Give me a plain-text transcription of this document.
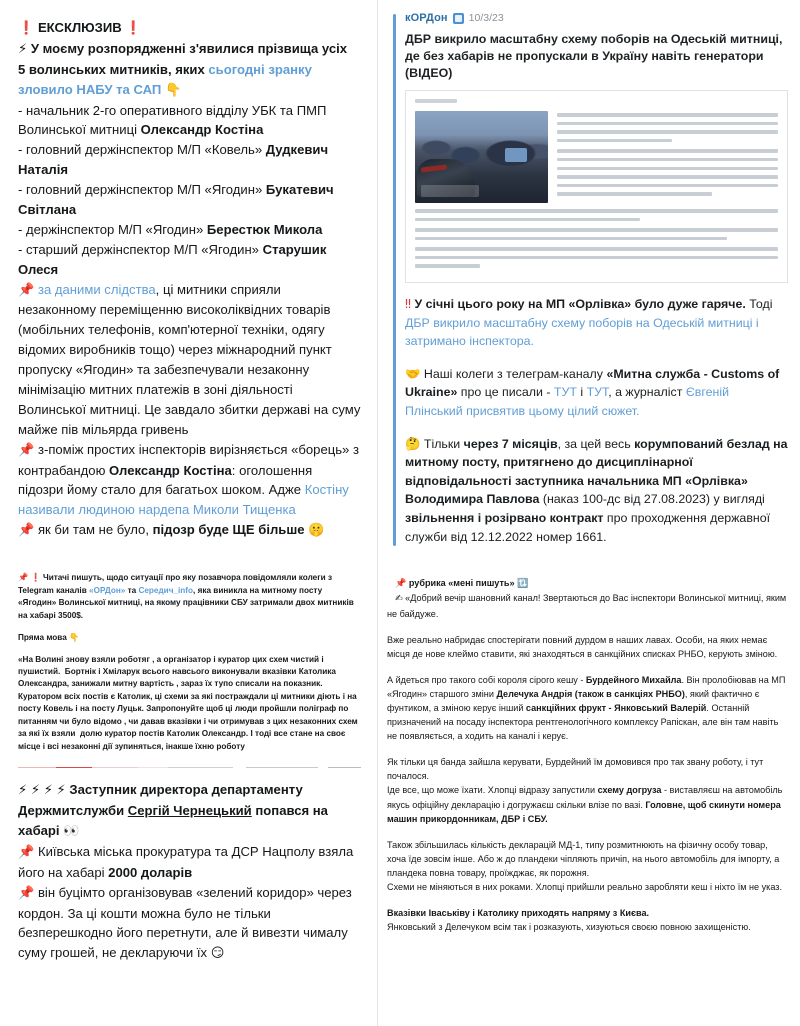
❗ ЕКСКЛЮЗИВ ❗
⚡ У моєму розпорядженні з'явилися прізвища усіх
5 волинських митників, яких сьогодні зранку зловило НАБУ та САП 👇
- начальник 2-го оперативного відділу УБК та ПМП Волинської митниці Олександр Костіна
- головний держінспектор М/П «Ковель» Дудкевич Наталія
- головний держінспектор М/П «Ягодин» Букатевич Світлана
- держінспектор М/П «Ягодин» Берестюк Микола
- старший держінспектор М/П «Ягодин» Старушик Олеся
📌 за даними слідства, ці митники сприяли незаконному переміщенню високоліквідних товарів (мобільних телефонів, комп'ютерної техніки, одягу відомих виробників тощо) через міжнародний пункт пропуску «Ягодин» та забезпечували незаконну мінімізацію митних платежів в зоні діяльності Волинської митниці. Це завдало збитки державі на суму майже пів мільярда гривень
📌 з-поміж простих інспекторів вирізняється «борець» з контрабандою Олександр Костіна: оголошення підозри йому стало для багатьох шоком. Адже Костіну називали людиною нардепа Миколи Тищенка
📌 як би там не було, підозр буде ЩЕ більше 🤫

📌 ❗ Читачі пишуть, щодо ситуації про яку позавчора повідомляли колеги з Telegram каналів «ОРДон» та Середич_info, яка виникла на митному посту «Ягодин» Волинської митниці, на якому працівники СБУ затримали двох митників на хабарі 3500$.

Пряма мова 👇

«На Волині знову взяли роботяг , а організатор і куратор цих схем чистий і пушистий.  Бортнік і Хміларук всього навсього виконували вказівки Католика Олександра, занижали митну вартість , зараз їх тупо списали на показник. Куратором всіх постів є Католик, ці схеми за які постраждали ці митники діють і на посту Ковель і на посту Луцьк. Запропонуйте щоб ці люди пройшли поліграф по питанням чи було відомо , чи давав вказівки і чи отримував з цих незаконних схем за які їх взяли  долю куратор постів Католик Олександр. І тоді все стане на своє місце і всі незаконні дії зупиняться, інакше їхню роботу

⚡ ⚡ ⚡ ⚡ Заступник директора департаменту Держмитслужби Сергій Чернецький попався на хабарі 👀
📌 Київська міська прокуратура та ДСР Нацполу взяла його на хабарі 2000 доларів
📌 він буцімто організовував «зелений коридор» через кордон. За ці кошти можна було не тільки безперешкодно його перетнути, але й вивезти чималу суму грошей, не декларуючи їх 😏
кОРДон 10/3/23
ДБР викрило масштабну схему поборів на Одеській митниці, де без хабарів не пропускали в Україну навіть генератори (ВІДЕО)

‼ У січні цього року на МП «Орлівка» було дуже гаряче. Тоді ДБР викрило масштабну схему поборів на Одеській митниці і затримано інспектора.

🤝 Наші колеги з телеграм-каналу «Митна служба - Customs of Ukraine» про це писали - ТУТ і ТУТ, а журналіст Євгеній Плінський присвятив цьому цілий сюжет.

🤔 Тільки через 7 місяців, за цей весь корумпований безлад на митному посту, притягнено до дисциплінарної відповідальності заступника начальника МП «Орлівка» Володимира Павлова (наказ 100-дс від 27.08.2023) у вигляді звільнення і розірвано контракт про проходження державної служби від 12.12.2022 номер 1661.

📌 рубрика «мені пишуть» 🔃

✍ «Добрий вечір шановний канал! Звертаються до Вас інспектори Волинської митниці, яким не байдуже.

Вже реально набридає спостерігати повний дурдом в наших лавах. Особи, на яких немає місця де нове клеймо ставити, які знаходяться в санкційних списках РНБО, керують зміною.

А йдеться про такого собі короля сірого кешу - Бурдейного Михайла. Він пролобіював на МП «Ягодин» старшого зміни Делечука Андрія (також в санкціях РНБО), який фактично є фунтиком, а зміною керує інший санкційних фрукт - Янковський Валерій. Останній призначений на посаду інспектора рентгенологічного комплексу Рапіскан, але він там навіть не появляється, а ходить на каналі і керує.

Як тільки ця банда зайшла керувати, Бурдейний їм домовився про так звану роботу, і тут почалося.

Іде все, що може їхати. Хлопці відразу запустили схему догруза - виставляєш на автомобіль якусь офіційну декларацію і догружаєш скільки влізе по вазі. Головне, щоб скинути номера машин прикордонникам, ДБР і СБУ.

Також збільшилась кількість декларацій МД-1, типу розмитнюють на фізичну особу товар, хоча їде зовсім інше. Або ж до пландеки чіпляють причіп, на нього автомобіль для імпорту, а пландека повна товару, проїжджає, як порожня.

Схеми не міняються в них роками. Хлопці прийшли реально заробляти кеш і ніхто їм не указ.

Вказівки Іваськіву і Католику приходять напряму з Києва.

Янковський з Делечуком всім так і розказують, хизуються своєю повною захищеністю.
